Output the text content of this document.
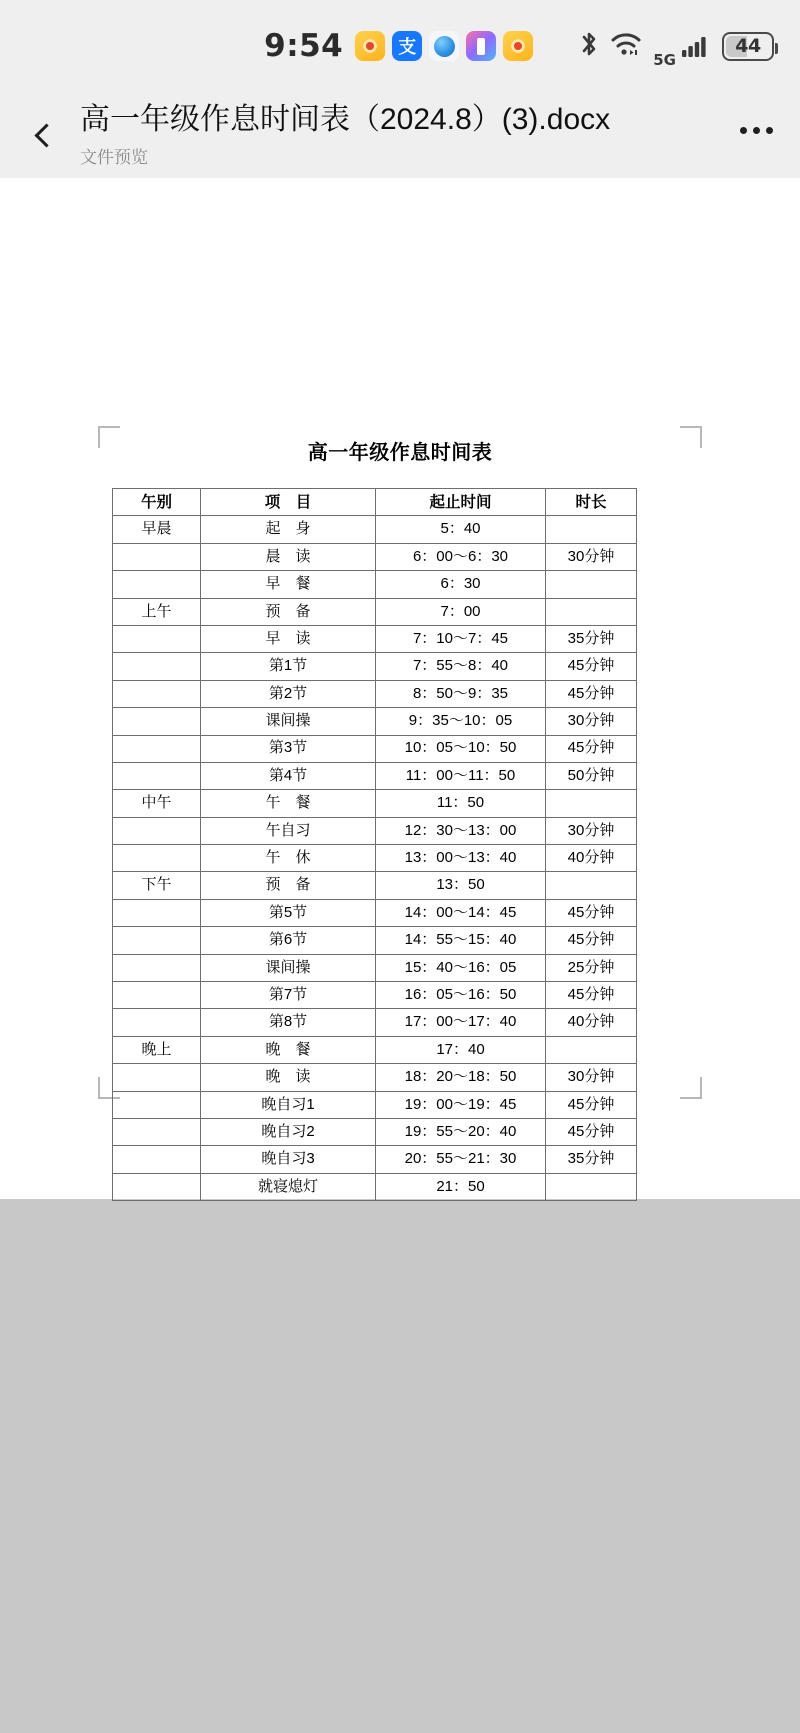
9:54	支
5G
44
高一年级作息时间表（2024.8）(3).docx
文件预览
高一年级作息时间表
午别	项　目	起止时间	时长
早晨	起　身	5：40	
	晨　读	6：00～6：30	30分钟
	早　餐	6：30	
上午	预　备	7：00	
	早　读	7：10～7：45	35分钟
	第1节	7：55～8：40	45分钟
	第2节	8：50～9：35	45分钟
	课间操	9：35～10：05	30分钟
	第3节	10：05～10：50	45分钟
	第4节	11：00～11：50	50分钟
中午	午　餐	11：50	
	午自习	12：30～13：00	30分钟
	午　休	13：00～13：40	40分钟
下午	预　备	13：50	
	第5节	14：00～14：45	45分钟
	第6节	14：55～15：40	45分钟
	课间操	15：40～16：05	25分钟
	第7节	16：05～16：50	45分钟
	第8节	17：00～17：40	40分钟
晚上	晚　餐	17：40	
	晚　读	18：20～18：50	30分钟
	晚自习1	19：00～19：45	45分钟
	晚自习2	19：55～20：40	45分钟
	晚自习3	20：55～21：30	35分钟
	就寝熄灯	21：50	
